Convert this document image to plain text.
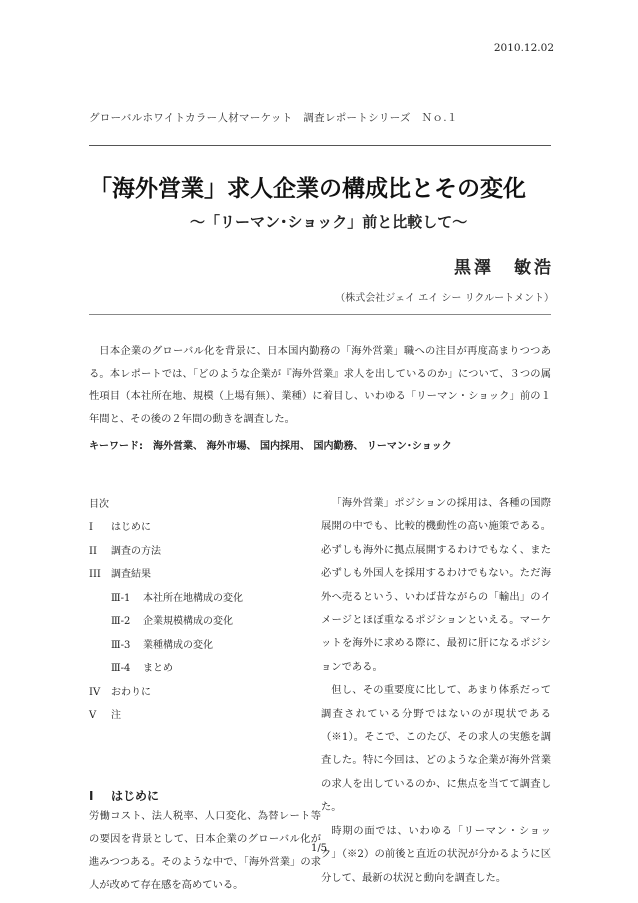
2010.12.02
グローバルホワイトカラー人材マーケット　調査レポートシリーズ　Ｎｏ.１
「海外営業」求人企業の構成比とその変化
～「リーマン･ショック」前と比較して～
黒澤　敏浩
（株式会社ジェイ エイ シー リクルートメント）

日本企業のグローバル化を背景に、日本国内勤務の「海外営業」職への注目が再度高まりつつある。本レポートでは、「どのような企業が『海外営業』求人を出しているのか」について、３つの属性項目（本社所在地、規模（上場有無）、業種）に着目し、いわゆる「リーマン・ショック」前の１年間と、その後の２年間の動きを調査した。

キーワード:　海外営業、 海外市場、 国内採用、 国内勤務、 リーマン･ショック
目次
I はじめに
II 調査の方法
III 調査結果
Ⅲ-1 本社所在地構成の変化
Ⅲ-2 企業規模構成の変化
Ⅲ-3 業種構成の変化
Ⅲ-4 まとめ
IV おわりに
V 注
I はじめに

労働コスト、法人税率、人口変化、為替レート等の要因を背景として、日本企業のグローバル化が進みつつある。そのような中で、「海外営業」の求人が改めて存在感を高めている。

「海外営業」ポジションの採用は、各種の国際展開の中でも、比較的機動性の高い施策である。必ずしも海外に拠点展開するわけでもなく、また必ずしも外国人を採用するわけでもない。ただ海外へ売るという、いわば昔ながらの「輸出」のイメージとほぼ重なるポジションといえる。マーケットを海外に求める際に、最初に肝になるポジションである。

但し、その重要度に比して、あまり体系だって調査されている分野ではないのが現状である（※1）。そこで、このたび、その求人の実態を調査した。特に今回は、どのような企業が海外営業の求人を出しているのか、に焦点を当てて調査した。

時期の面では、いわゆる「リーマン・ショック」（※2）の前後と直近の状況が分かるように区分して、最新の状況と動向を調査した。

1/5
